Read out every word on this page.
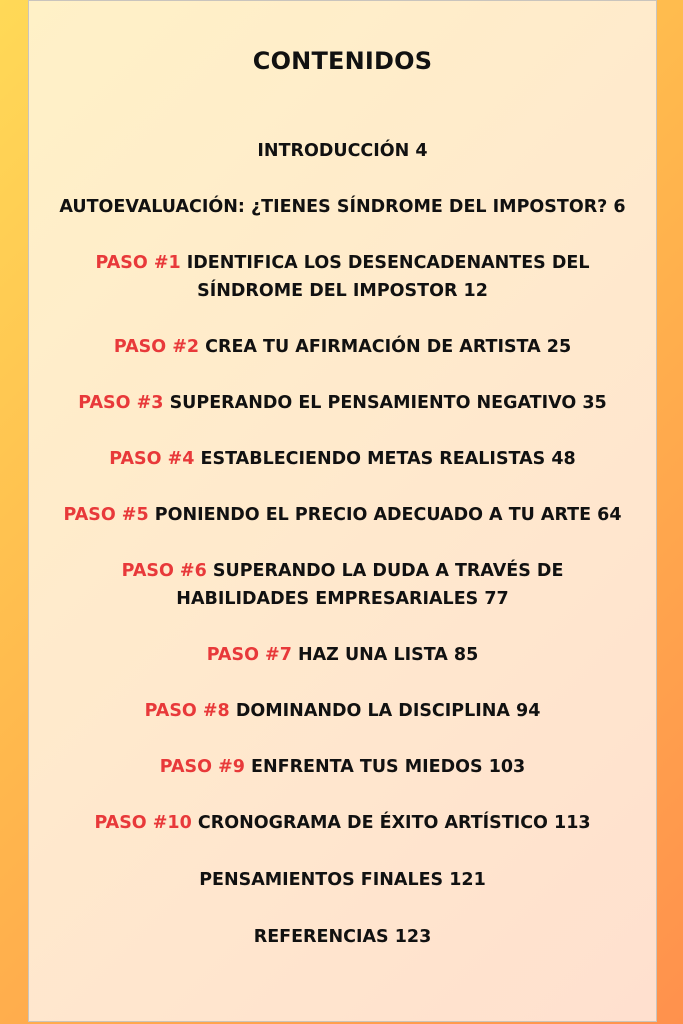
CONTENIDOS
INTRODUCCIÓN 4
AUTOEVALUACIÓN: ¿TIENES SÍNDROME DEL IMPOSTOR? 6
PASO #1 IDENTIFICA LOS DESENCADENANTES DEL
SÍNDROME DEL IMPOSTOR 12
PASO #2 CREA TU AFIRMACIÓN DE ARTISTA 25
PASO #3 SUPERANDO EL PENSAMIENTO NEGATIVO 35
PASO #4 ESTABLECIENDO METAS REALISTAS 48
PASO #5 PONIENDO EL PRECIO ADECUADO A TU ARTE 64
PASO #6 SUPERANDO LA DUDA A TRAVÉS DE
HABILIDADES EMPRESARIALES 77
PASO #7 HAZ UNA LISTA 85
PASO #8 DOMINANDO LA DISCIPLINA 94
PASO #9 ENFRENTA TUS MIEDOS 103
PASO #10 CRONOGRAMA DE ÉXITO ARTÍSTICO 113
PENSAMIENTOS FINALES 121
REFERENCIAS 123
